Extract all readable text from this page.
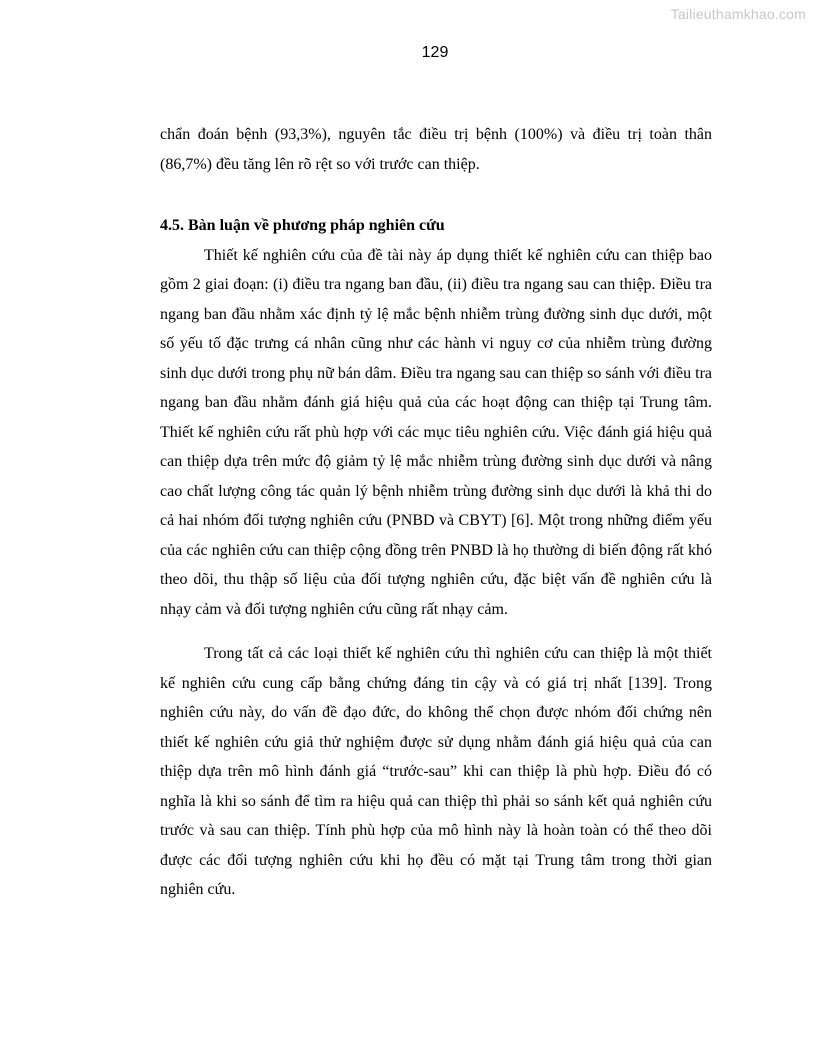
Tailieuthamkhao.com
129

chẩn đoán bệnh (93,3%), nguyên tắc điều trị bệnh (100%) và điều trị toàn thân (86,7%) đều tăng lên rõ rệt so với trước can thiệp.

4.5. Bàn luận về phương pháp nghiên cứu

Thiết kế nghiên cứu của đề tài này áp dụng thiết kế nghiên cứu can thiệp bao gồm 2 giai đoạn: (i) điều tra ngang ban đầu, (ii) điều tra ngang sau can thiệp. Điều tra ngang ban đầu nhằm xác định tỷ lệ mắc bệnh nhiễm trùng đường sinh dục dưới, một số yếu tố đặc trưng cá nhân cũng như các hành vi nguy cơ của nhiễm trùng đường sinh dục dưới trong phụ nữ bán dâm. Điều tra ngang sau can thiệp so sánh với điều tra ngang ban đầu nhằm đánh giá hiệu quả của các hoạt động can thiệp tại Trung tâm. Thiết kế nghiên cứu rất phù hợp với các mục tiêu nghiên cứu. Việc đánh giá hiệu quả can thiệp dựa trên mức độ giảm tỷ lệ mắc nhiễm trùng đường sinh dục dưới và nâng cao chất lượng công tác quản lý bệnh nhiễm trùng đường sinh dục dưới là khả thi do cả hai nhóm đối tượng nghiên cứu (PNBD và CBYT) [6]. Một trong những điểm yếu của các nghiên cứu can thiệp cộng đồng trên PNBD là họ thường di biến động rất khó theo dõi, thu thập số liệu của đối tượng nghiên cứu, đặc biệt vấn đề nghiên cứu là nhạy cảm và đối tượng nghiên cứu cũng rất nhạy cảm.

Trong tất cả các loại thiết kế nghiên cứu thì nghiên cứu can thiệp là một thiết kế nghiên cứu cung cấp bằng chứng đáng tin cậy và có giá trị nhất [139]. Trong nghiên cứu này, do vấn đề đạo đức, do không thể chọn được nhóm đối chứng nên thiết kế nghiên cứu giả thử nghiệm được sử dụng nhằm đánh giá hiệu quả của can thiệp dựa trên mô hình đánh giá “trước-sau” khi can thiệp là phù hợp. Điều đó có nghĩa là khi so sánh để tìm ra hiệu quả can thiệp thì phải so sánh kết quả nghiên cứu trước và sau can thiệp. Tính phù hợp của mô hình này là hoàn toàn có thể theo dõi được các đối tượng nghiên cứu khi họ đều có mặt tại Trung tâm trong thời gian nghiên cứu.
